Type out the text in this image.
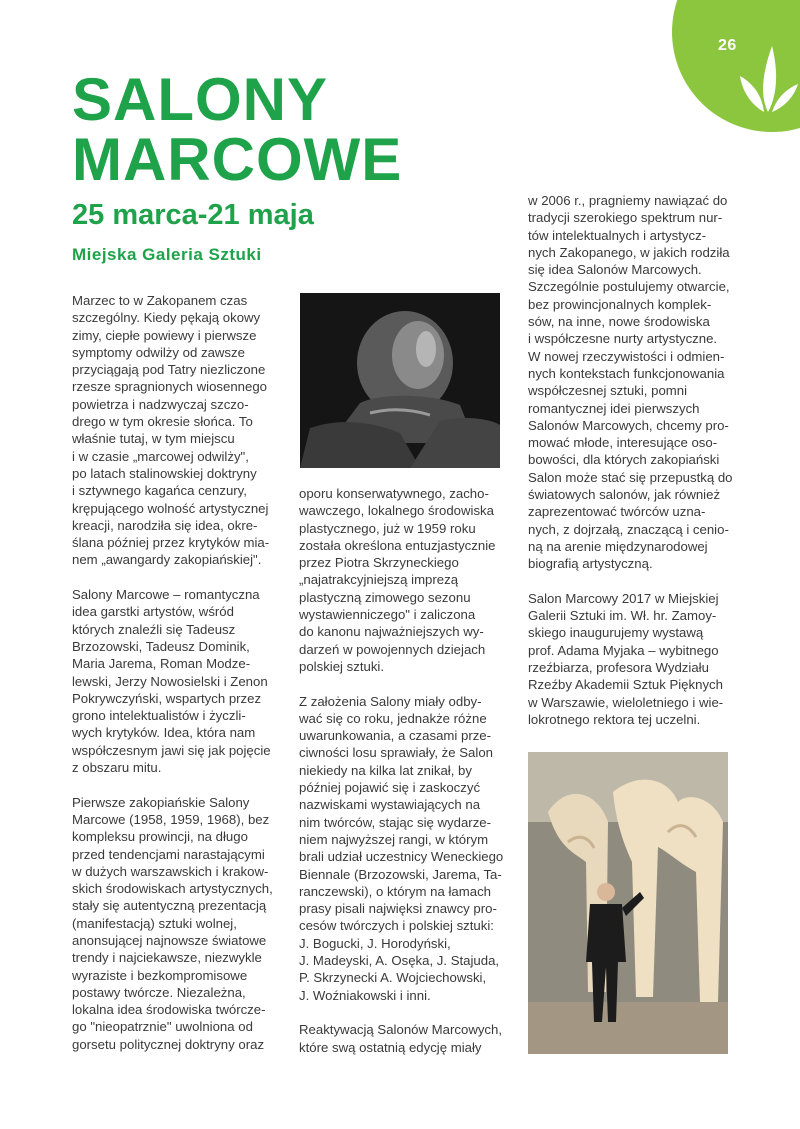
26
SALONY
MARCOWE
25 marca-21 maja
Miejska Galeria Sztuki
Marzec to w Zakopanem czas
szczególny. Kiedy pękają okowy
zimy, ciepłe powiewy i pierwsze
symptomy odwilży od zawsze
przyciągają pod Tatry niezliczone
rzesze spragnionych wiosennego
powietrza i nadzwyczaj szczo-
drego w tym okresie słońca. To
właśnie tutaj, w tym miejscu
i w czasie „marcowej odwilży",
po latach stalinowskiej doktryny
i sztywnego kagańca cenzury,
krępującego wolność artystycznej
kreacji, narodziła się idea, okre-
ślana później przez krytyków mia-
nem „awangardy zakopiańskiej".
Salony Marcowe – romantyczna
idea garstki artystów, wśród
których znaleźli się Tadeusz
Brzozowski, Tadeusz Dominik,
Maria Jarema, Roman Modze-
lewski, Jerzy Nowosielski i Zenon
Pokrywczyński, wspartych przez
grono intelektualistów i życzli-
wych krytyków. Idea, która nam
współczesnym jawi się jak pojęcie
z obszaru mitu.
Pierwsze zakopiańskie Salony
Marcowe (1958, 1959, 1968), bez
kompleksu prowincji, na długo
przed tendencjami narastającymi
w dużych warszawskich i krakow-
skich środowiskach artystycznych,
stały się autentyczną prezentacją
(manifestacją) sztuki wolnej,
anonsującej najnowsze światowe
trendy i najciekawsze, niezwykle
wyraziste i bezkompromisowe
postawy twórcze. Niezależna,
lokalna idea środowiska twórcze-
go "nieopatrznie" uwolniona od
gorsetu politycznej doktryny oraz
oporu konserwatywnego, zacho-
wawczego, lokalnego środowiska
plastycznego, już w 1959 roku
została określona entuzjastycznie
przez Piotra Skrzyneckiego
„najatrakcyjniejszą imprezą
plastyczną zimowego sezonu
wystawienniczego" i zaliczona
do kanonu najważniejszych wy-
darzeń w powojennych dziejach
polskiej sztuki.
Z założenia Salony miały odby-
wać się co roku, jednakże różne
uwarunkowania, a czasami prze-
ciwności losu sprawiały, że Salon
niekiedy na kilka lat znikał, by
później pojawić się i zaskoczyć
nazwiskami wystawiających na
nim twórców, stając się wydarze-
niem najwyższej rangi, w którym
brali udział uczestnicy Weneckiego
Biennale (Brzozowski, Jarema, Ta-
ranczewski), o którym na łamach
prasy pisali najwięksi znawcy pro-
cesów twórczych i polskiej sztuki:
J. Bogucki, J. Horodyński,
J. Madeyski, A. Osęka, J. Stajuda,
P. Skrzynecki A. Wojciechowski,
J. Woźniakowski i inni.
Reaktywacją Salonów Marcowych,
które swą ostatnią edycję miały
w 2006 r., pragniemy nawiązać do
tradycji szerokiego spektrum nur-
tów intelektualnych i artystycz-
nych Zakopanego, w jakich rodziła
się idea Salonów Marcowych.
Szczególnie postulujemy otwarcie,
bez prowincjonalnych komplek-
sów, na inne, nowe środowiska
i współczesne nurty artystyczne.
W nowej rzeczywistości i odmien-
nych kontekstach funkcjonowania
współczesnej sztuki, pomni
romantycznej idei pierwszych
Salonów Marcowych, chcemy pro-
mować młode, interesujące oso-
bowości, dla których zakopiański
Salon może stać się przepustką do
światowych salonów, jak również
zaprezentować twórców uzna-
nych, z dojrzałą, znaczącą i cenio-
ną na arenie międzynarodowej
biografią artystyczną.
Salon Marcowy 2017 w Miejskiej
Galerii Sztuki im. Wł. hr. Zamoy-
skiego inaugurujemy wystawą
prof. Adama Myjaka – wybitnego
rzeźbiarza, profesora Wydziału
Rzeźby Akademii Sztuk Pięknych
w Warszawie, wieloletniego i wie-
lokrotnego rektora tej uczelni.
